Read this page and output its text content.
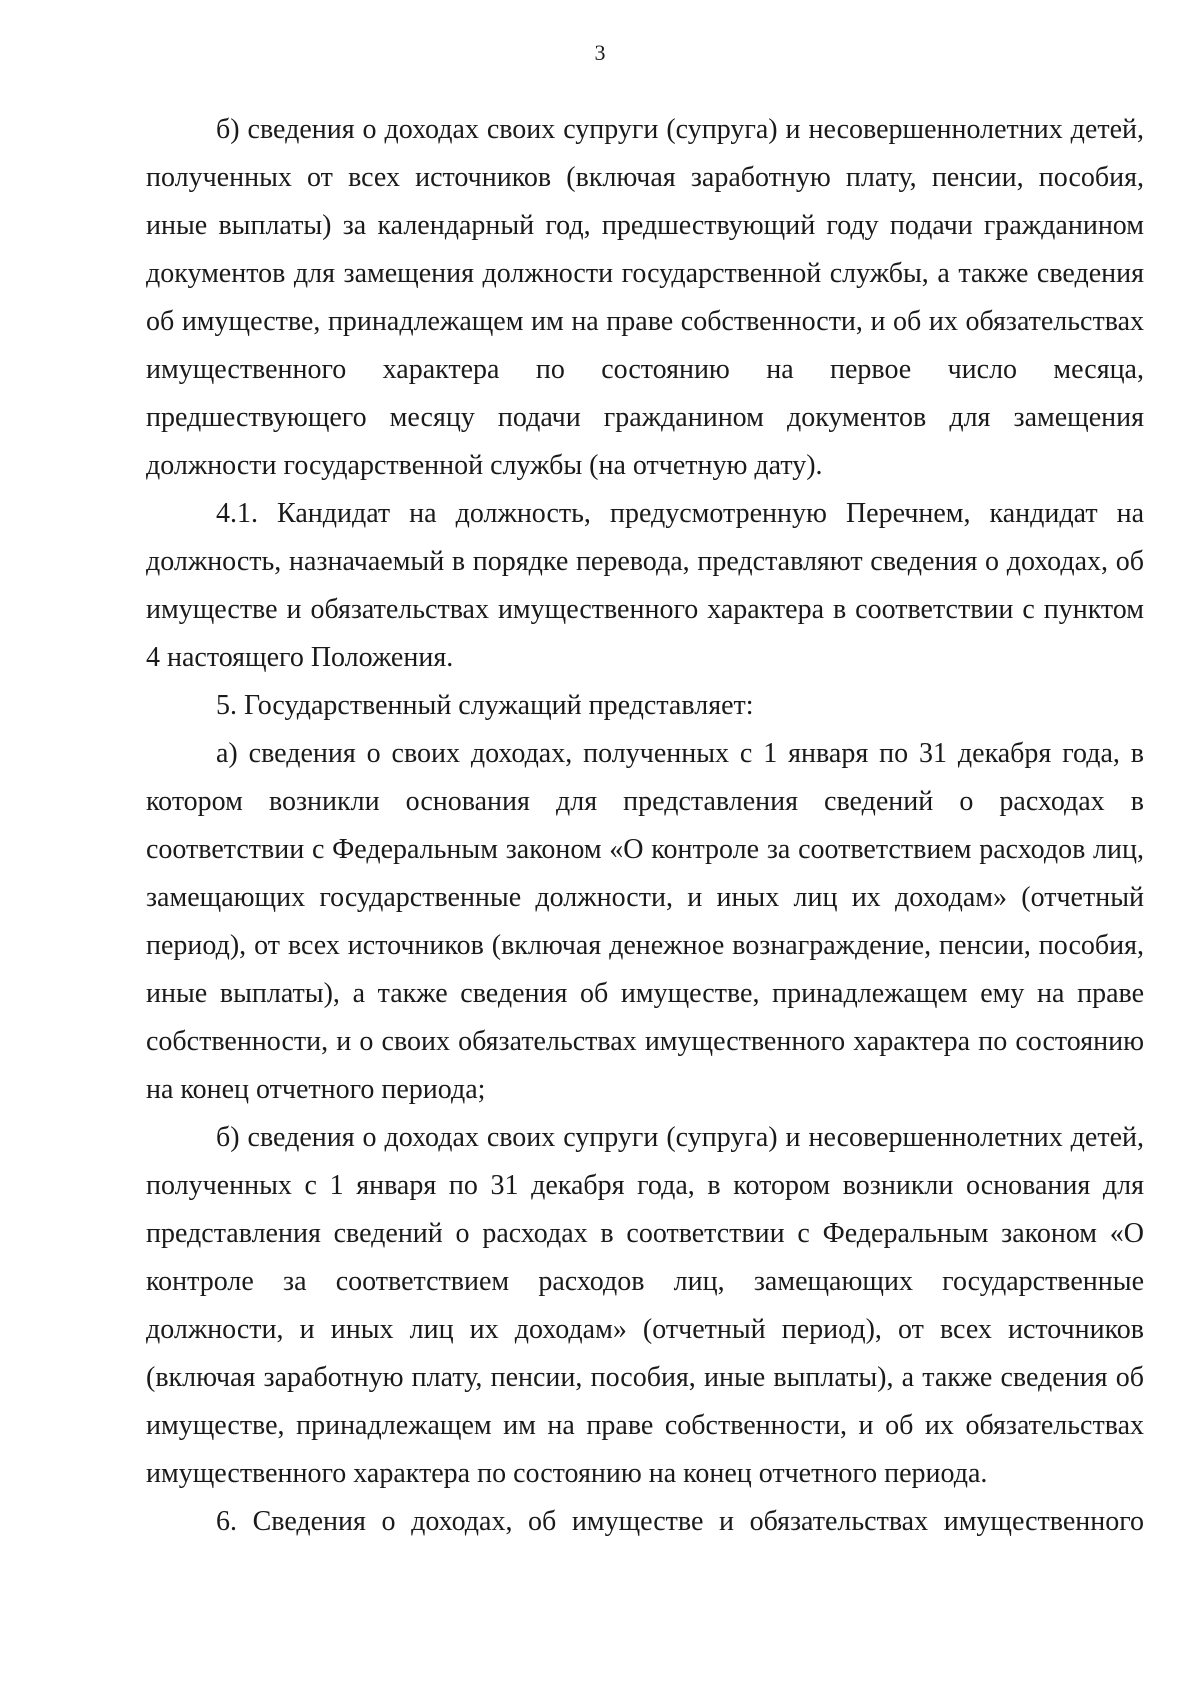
3

б) сведения о доходах своих супруги (супруга) и несовершеннолетних детей, полученных от всех источников (включая заработную плату, пенсии, пособия, иные выплаты) за календарный год, предшествующий году подачи гражданином документов для замещения должности государственной службы, а также сведения об имуществе, принадлежащем им на праве собственности, и об их обязательствах имущественного характера по состоянию на первое число месяца, предшествующего месяцу подачи гражданином документов для замещения должности государственной службы (на отчетную дату).

4.1. Кандидат на должность, предусмотренную Перечнем, кандидат на должность, назначаемый в порядке перевода, представляют сведения о доходах, об имуществе и обязательствах имущественного характера в соответствии с пунктом 4 настоящего Положения.

5. Государственный служащий представляет:

а) сведения о своих доходах, полученных с 1 января по 31 декабря года, в котором возникли основания для представления сведений о расходах в соответствии с Федеральным законом «О контроле за соответствием расходов лиц, замещающих государственные должности, и иных лиц их доходам» (отчетный период), от всех источников (включая денежное вознаграждение, пенсии, пособия, иные выплаты), а также сведения об имуществе, принадлежащем ему на праве собственности, и о своих обязательствах имущественного характера по состоянию на конец отчетного периода;

б) сведения о доходах своих супруги (супруга) и несовершеннолетних детей, полученных с 1 января по 31 декабря года, в котором возникли основания для представления сведений о расходах в соответствии с Федеральным законом «О контроле за соответствием расходов лиц, замещающих государственные должности, и иных лиц их доходам» (отчетный период), от всех источников (включая заработную плату, пенсии, пособия, иные выплаты), а также сведения об имуществе, принадлежащем им на праве собственности, и об их обязательствах имущественного характера по состоянию на конец отчетного периода.

6. Сведения о доходах, об имуществе и обязательствах имущественного
